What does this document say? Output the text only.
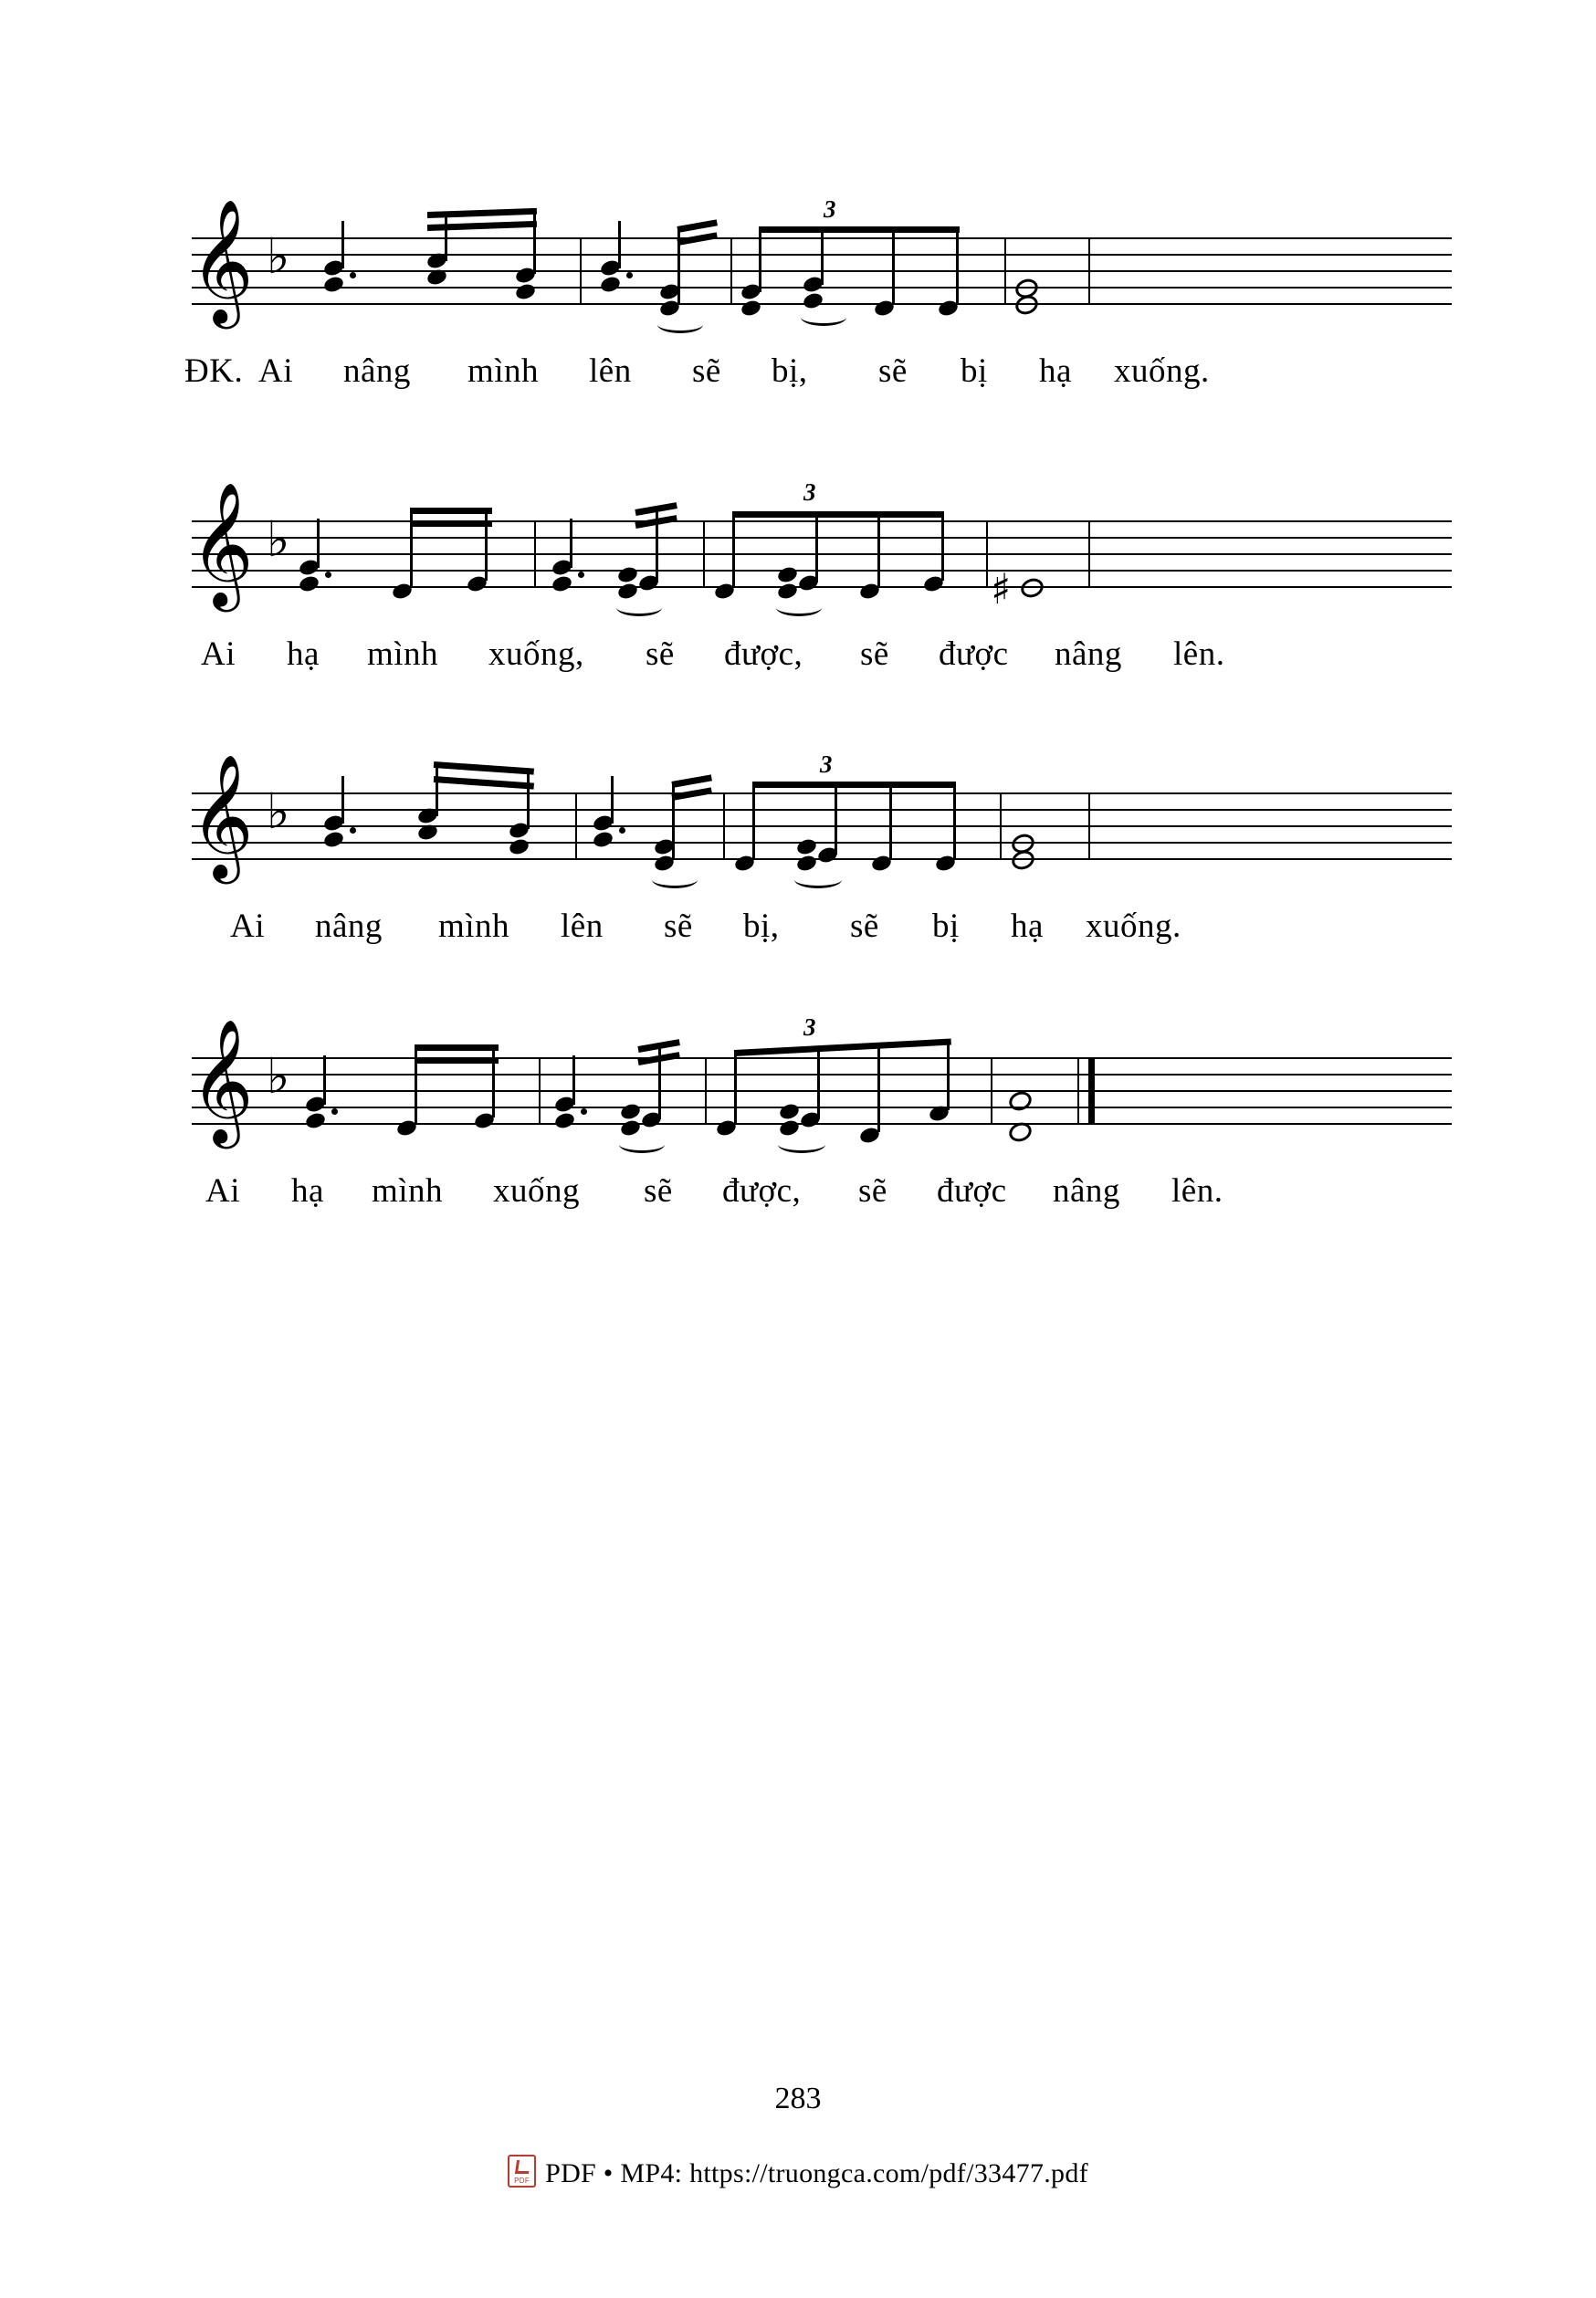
𝄞 ♭
3
ĐK. Ai nâng mình lên sẽ bị, sẽ bị hạ xuống.
𝄞 ♭
3
♯
Ai hạ mình xuống, sẽ được, sẽ được nâng lên.
𝄞 ♭
3
Ai nâng mình lên sẽ bị, sẽ bị hạ xuống.
𝄞 ♭
3
Ai hạ mình xuống sẽ được, sẽ được nâng lên.
283
PDFPDF • MP4: https://truongca.com/pdf/33477.pdf
